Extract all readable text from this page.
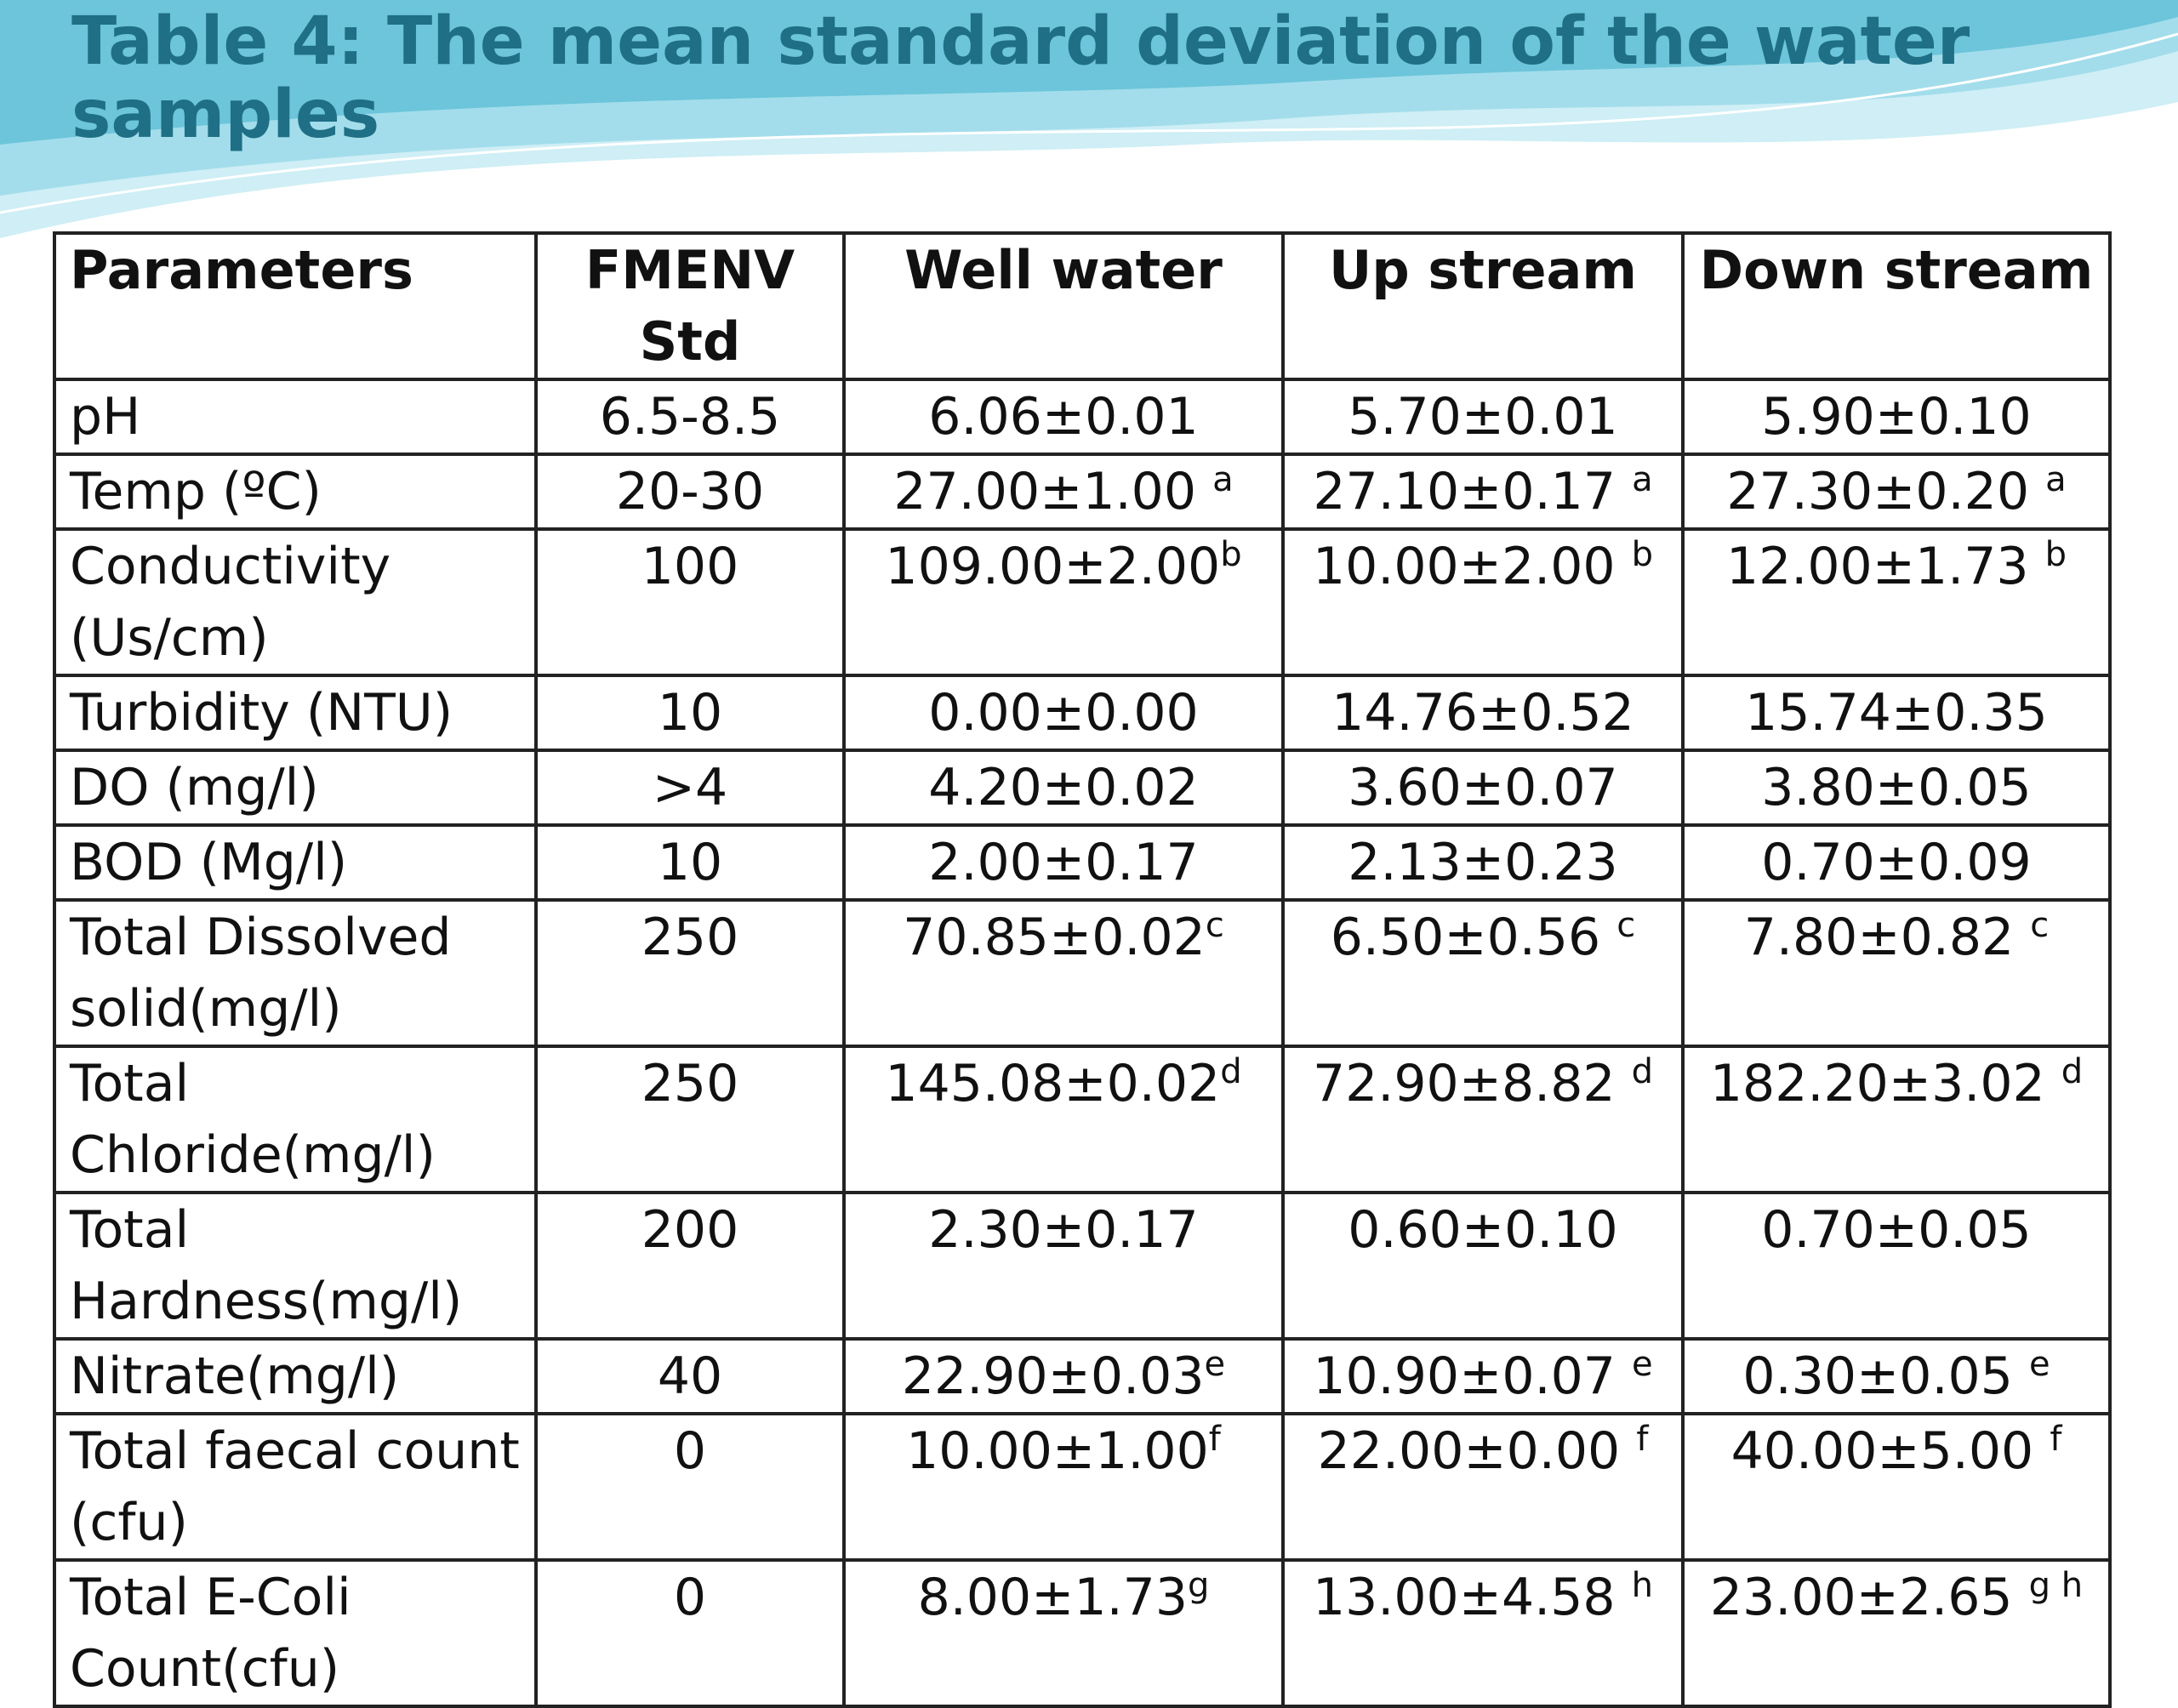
Table 4: The mean standard deviation of the water samples
Parameters	FMENV Std	Well water	Up stream	Down stream
pH	6.5-8.5	6.06±0.01	5.70±0.01	5.90±0.10
Temp (ºC)	20-30	27.00±1.00 $^a$	27.10±0.17 $^a$	27.30±0.20 $^a$
Conductivity (Us/cm)	100	109.00±2.00$^b$	10.00±2.00 $^b$	12.00±1.73 $^b$
Turbidity (NTU)	10	0.00±0.00	14.76±0.52	15.74±0.35
DO (mg/l)	>4	4.20±0.02	3.60±0.07	3.80±0.05
BOD (Mg/l)	10	2.00±0.17	2.13±0.23	0.70±0.09
Total Dissolved solid(mg/l)	250	70.85±0.02$^c$	6.50±0.56 $^c$	7.80±0.82 $^c$
Total Chloride(mg/l)	250	145.08±0.02$^d$	72.90±8.82 $^d$	182.20±3.02 $^d$
Total Hardness(mg/l)	200	2.30±0.17	0.60±0.10	0.70±0.05
Nitrate(mg/l)	40	22.90±0.03$^e$	10.90±0.07 $^e$	0.30±0.05 $^e$
Total faecal count (cfu)	0	10.00±1.00$^f$	22.00±0.00 $^f$	40.00±5.00 $^f$
Total E-Coli Count(cfu)	0	8.00±1.73$^g$	13.00±4.58 $^h$	23.00±2.65 $^{g h}$
